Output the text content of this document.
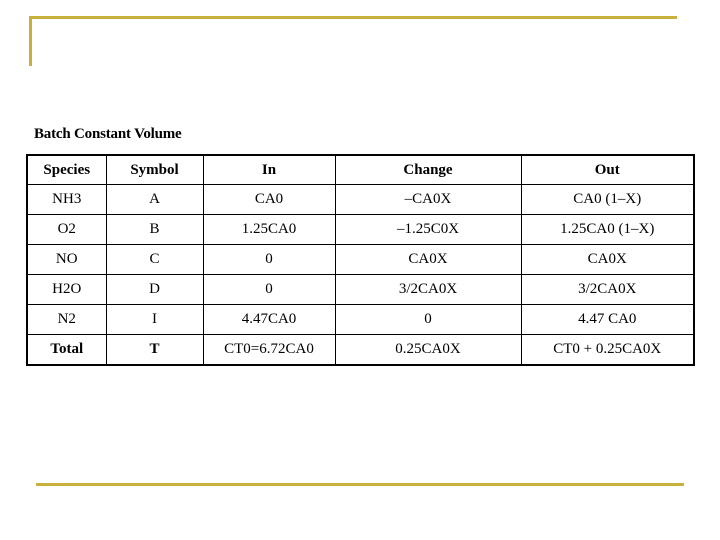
Batch Constant Volume
Species	Symbol	In	Change	Out
NH3	A	CA0	–CA0X	CA0 (1–X)
O2	B	1.25CA0	–1.25C0X	1.25CA0 (1–X)
NO	C	0	CA0X	CA0X
H2O	D	0	3/2CA0X	3/2CA0X
N2	I	4.47CA0	0	4.47 CA0
Total	T	CT0=6.72CA0	0.25CA0X	CT0 + 0.25CA0X
